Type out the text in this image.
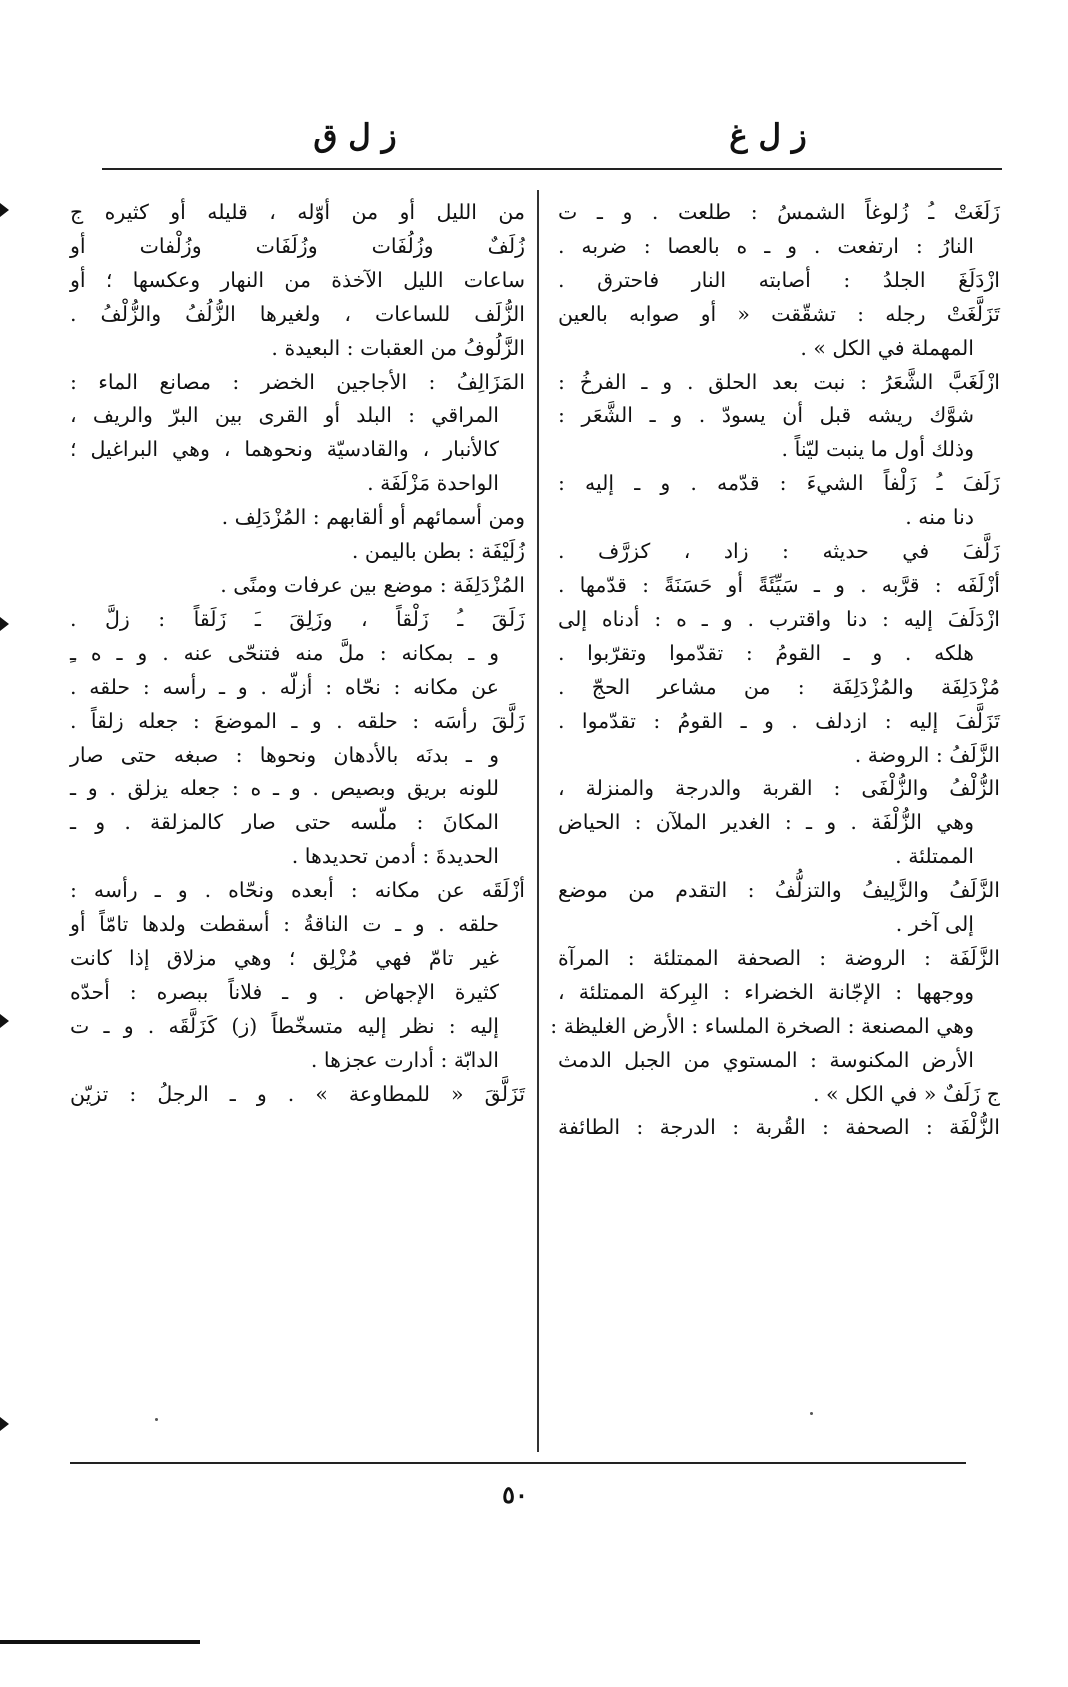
ز ل غ
ز ل ق
زَلَغَتْ ـُ زُلوغاً الشمسُ : طلعت . و ـ ت
النارُ : ارتفعت . و ـ ه بالعصا : ضربه .
ازْدَلَغَ الجلدُ : أصابته النار فاحترق .
تَزَلَّغَتْ رجله : تشقّقت « أو صوابه بالعين
المهملة في الكل » .
ازْلَغَبَّ الشَّعَرُ : نبت بعد الحلق . و ـ الفرخُ :
شوَّك ريشه قبل أن يسودّ . و ـ الشَّعَر :
وذلك أول ما ينبت ليّناً .
زَلَفَ ـُ زَلْفاً الشيءَ : قدّمه . و ـ إليه :
دنا منه .
زَلَّفَ في حديثه : زاد ، كزرَّف .
أزْلَفَه : قرَّبه . و ـ سَيِّئَةً أو حَسَنَةً : قدّمها .
ازْدَلَفَ إليه : دنا واقترب . و ـ ه : أدناه إلى
هلكه . و ـ القومُ : تقدّموا وتقرّبوا .
مُزْدَلِفَة والمُزْدَلِفَة : من مشاعر الحجّ .
تَزَلَّفَ إليه : ازدلف . و ـ القومُ : تقدّموا .
الزَّلَفُ : الروضة .
الزُّلْفُ والزُّلْفَى : القربة والدرجة والمنزلة ،
وهي الزُّلْفَة . و ـ : الغدير الملآن : الحياض
الممتلئة .
الزَّلَفُ والزَّلِيفُ والتزلُّفُ : التقدم من موضع
إلى آخر .
الزَّلَفَة : الروضة : الصحفة الممتلئة : المرآة
ووجهها : الإجّانة الخضراء : البِركة الممتلئة ،
وهي المصنعة : الصخرة الملساء : الأرض الغليظة :
الأرض المكنوسة : المستوي من الجبل الدمث
ج زَلَفٌ « في الكل » .
الزُّلْفَة : الصحفة : القُربة : الدرجة : الطائفة
من الليل أو من أوّله ، قليله أو كثيره ج
زُلَفٌ وزُلُفَات وزُلَفَات وزُلْفات أو
ساعات الليل الآخذة من النهار وعكسها ؛ أو
الزُّلَف للساعات ، ولغيرها الزُّلُفُ والزُّلْفُ .
الزَّلُوفُ من العقبات : البعيدة .
المَزَالِفُ : الأجاجين الخضر : مصانع الماء :
المراقي : البلد أو القرى بين البرّ والريف ،
كالأنبار ، والقادسيّة ونحوهما ، وهي البراغيل ؛
الواحدة مَزْلَفَة .
ومن أسمائهم أو ألقابهم : المُزْدَلِف .
زُلَيْفَة : بطن باليمن .
المُزْدَلِفَة : موضع بين عرفات ومنًى .
زَلَقَ ـُ زَلْقاً ، وزَلِقَ ـَ زَلَقاً : زلَّ .
و ـ بمكانه : ملَّ منه فتنحّى عنه . و ـ ه ـِ
عن مكانه : نحّاه : أزلّه . و ـ رأسه : حلقه .
زَلَّقَ رأسَه : حلقه . و ـ الموضعَ : جعله زلقاً .
و ـ بدنَه بالأدهان ونحوها : صبغه حتى صار
للونه بريق وبصيص . و ـ ه : جعله يزلق . و ـ
المكانَ : ملّسه حتى صار كالمزلقة . و ـ
الحديدةَ : أدمن تحديدها .
أزْلَقَه عن مكانه : أبعده ونحّاه . و ـ رأسه :
حلقه . و ـ ت الناقةُ : أسقطت ولدها تامّاً أو
غير تامّ فهي مُزْلِق ؛ وهي مزلاق إذا كانت
كثيرة الإجهاض . و ـ فلاناً ببصره : أحدّه
إليه : نظر إليه متسخّطاً (ز) كَزَلَّقَه . و ـ ت
الدابّة : أدارت عجزها .
تَزَلَّقَ « للمطاوعة » . و ـ الرجلُ : تزيّن
٥٠
